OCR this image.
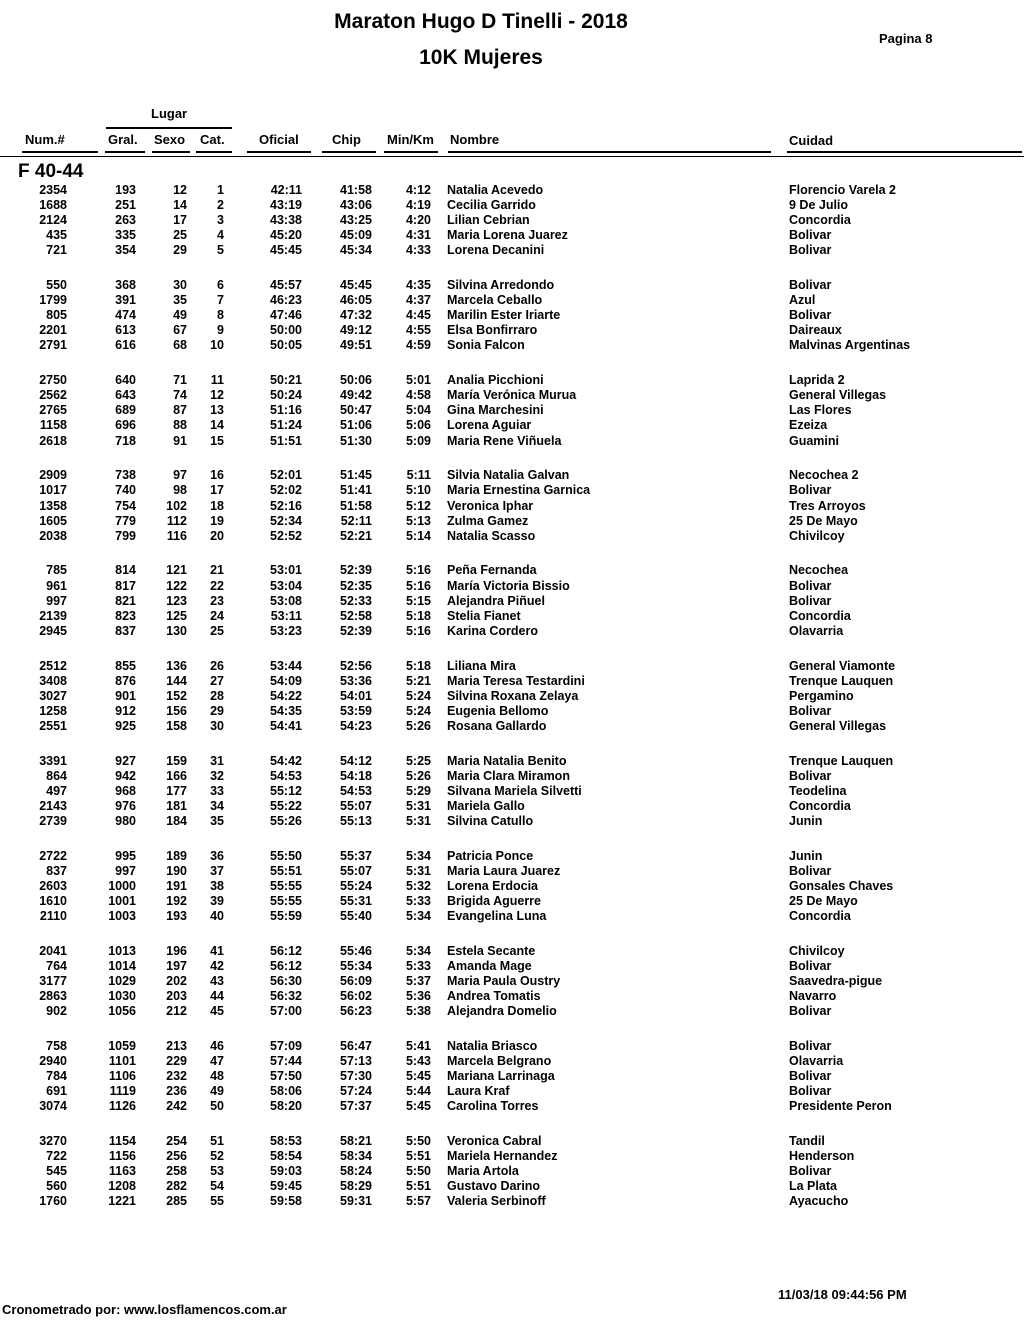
Maraton Hugo D Tinelli - 2018
10K Mujeres
Pagina 8
Lugar
Num.#	Gral. Sexo Cat.	Oficial	Chip Min/Km Nombre	Cuidad
F 40-44
2354	193	12 1	42:11	41:58	4:12 Natalia Acevedo	Florencio Varela 2
1688	251	14 2	43:19	43:06	4:19 Cecilia Garrido	9 De Julio
2124	263	17 3	43:38	43:25	4:20 Lilian Cebrian	Concordia
435	335	25 4	45:20	45:09	4:31 Maria Lorena Juarez	Bolivar
721	354	29 5	45:45	45:34	4:33 Lorena Decanini	Bolivar
550	368	30 6	45:57	45:45	4:35 Silvina Arredondo	Bolivar
1799	391	35 7	46:23	46:05	4:37 Marcela Ceballo	Azul
805	474	49 8	47:46	47:32	4:45 Marilin Ester Iriarte	Bolivar
2201	613	67 9	50:00	49:12	4:55 Elsa Bonfirraro	Daireaux
2791	616	68 10	50:05	49:51	4:59 Sonia Falcon	Malvinas Argentinas
2750	640	71 11	50:21	50:06	5:01 Analia Picchioni	Laprida 2
2562	643	74 12	50:24	49:42	4:58 María Verónica Murua	General Villegas
2765	689	87 13	51:16	50:47	5:04 Gina Marchesini	Las Flores
1158	696	88 14	51:24	51:06	5:06 Lorena Aguiar	Ezeiza
2618	718	91 15	51:51	51:30	5:09 Maria Rene Viñuela	Guamini
2909	738	97 16	52:01	51:45	5:11 Silvia Natalia Galvan	Necochea 2
1017	740	98 17	52:02	51:41	5:10 Maria Ernestina Garnica	Bolivar
1358	754 102 18	52:16	51:58	5:12 Veronica Iphar	Tres Arroyos
1605	779 112 19	52:34	52:11	5:13 Zulma Gamez	25 De Mayo
2038	799 116 20	52:52	52:21	5:14 Natalia Scasso	Chivilcoy
785	814 121 21	53:01	52:39	5:16 Peña Fernanda	Necochea
961	817 122 22	53:04	52:35	5:16 María Victoria Bissio	Bolivar
997	821 123 23	53:08	52:33	5:15 Alejandra Piñuel	Bolivar
2139	823 125 24	53:11	52:58	5:18 Stelia Fianet	Concordia
2945	837 130 25	53:23	52:39	5:16 Karina Cordero	Olavarria
2512	855 136 26	53:44	52:56	5:18 Liliana Mira	General Viamonte
3408	876 144 27	54:09	53:36	5:21 Maria Teresa Testardini	Trenque Lauquen
3027	901 152 28	54:22	54:01	5:24 Silvina Roxana Zelaya	Pergamino
1258	912 156 29	54:35	53:59	5:24 Eugenia Bellomo	Bolivar
2551	925 158 30	54:41	54:23	5:26 Rosana Gallardo	General Villegas
3391	927 159 31	54:42	54:12	5:25 Maria Natalia Benito	Trenque Lauquen
864	942 166 32	54:53	54:18	5:26 Maria Clara Miramon	Bolivar
497	968 177 33	55:12	54:53	5:29 Silvana Mariela Silvetti	Teodelina
2143	976 181 34	55:22	55:07	5:31 Mariela Gallo	Concordia
2739	980 184 35	55:26	55:13	5:31 Silvina Catullo	Junin
2722	995 189 36	55:50	55:37	5:34 Patricia Ponce	Junin
837	997 190 37	55:51	55:07	5:31 Maria Laura Juarez	Bolivar
2603	1000 191 38	55:55	55:24	5:32 Lorena Erdocia	Gonsales Chaves
1610	1001 192 39	55:55	55:31	5:33 Brigida Aguerre	25 De Mayo
2110	1003 193 40	55:59	55:40	5:34 Evangelina Luna	Concordia
2041	1013 196 41	56:12	55:46	5:34 Estela Secante	Chivilcoy
764	1014 197 42	56:12	55:34	5:33 Amanda Mage	Bolivar
3177	1029 202 43	56:30	56:09	5:37 Maria Paula Oustry	Saavedra-pigue
2863	1030 203 44	56:32	56:02	5:36 Andrea Tomatis	Navarro
902	1056 212 45	57:00	56:23	5:38 Alejandra Domelio	Bolivar
758	1059 213 46	57:09	56:47	5:41 Natalia Briasco	Bolivar
2940	1101 229 47	57:44	57:13	5:43 Marcela Belgrano	Olavarria
784	1106 232 48	57:50	57:30	5:45 Mariana Larrinaga	Bolivar
691	1119 236 49	58:06	57:24	5:44 Laura Kraf	Bolivar
3074	1126 242 50	58:20	57:37	5:45 Carolina Torres	Presidente Peron
3270	1154 254 51	58:53	58:21	5:50 Veronica Cabral	Tandil
722	1156 256 52	58:54	58:34	5:51 Mariela Hernandez	Henderson
545	1163 258 53	59:03	58:24	5:50 Maria Artola	Bolivar
560	1208 282 54	59:45	58:29	5:51 Gustavo Darino	La Plata
1760	1221 285 55	59:58	59:31	5:57 Valeria Serbinoff	Ayacucho
Cronometrado por: www.losflamencos.com.ar
11/03/18 09:44:56 PM
